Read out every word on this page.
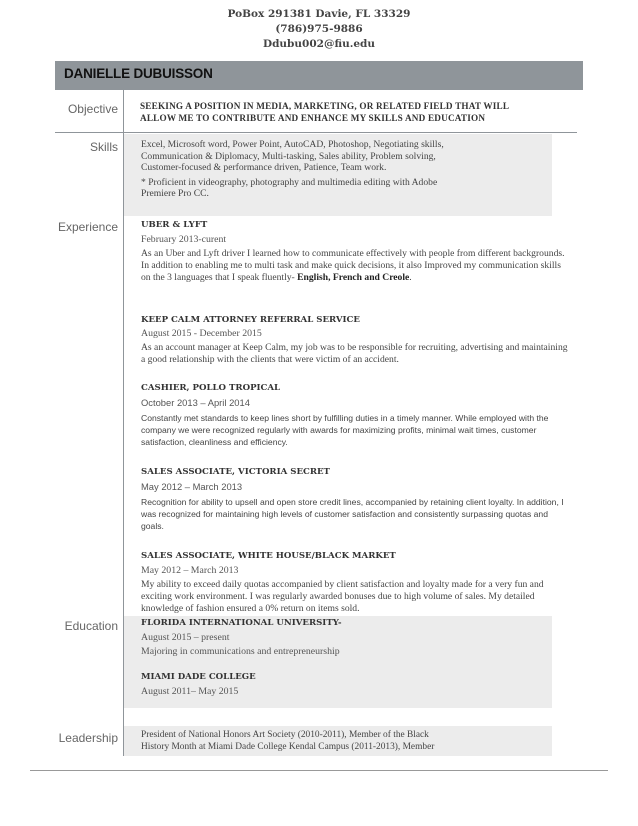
PoBox 291381 Davie, FL 33329
(786)975-9886
Ddubu002@fiu.edu
DANIELLE DUBUISSON
Objective
Skills
Experience
Education
Leadership
SEEKING A POSITION IN MEDIA, MARKETING, OR RELATED FIELD THAT WILL
ALLOW ME TO CONTRIBUTE AND ENHANCE MY SKILLS AND EDUCATION

Excel, Microsoft word, Power Point, AutoCAD, Photoshop, Negotiating skills,

Communication & Diplomacy, Multi-tasking, Sales ability, Problem solving,

Customer-focused & performance driven, Patience, Team work.

* Proficient in videography, photography and multimedia editing with Adobe

Premiere Pro CC.

UBER & LYFT
February 2013-curent
As an Uber and Lyft driver I learned how to communicate effectively with people from different backgrounds. In addition to enabling me to multi task and make quick decisions, it also Improved my communication skills on the 3 languages that I speak fluently- English, French and Creole.
KEEP CALM ATTORNEY REFERRAL SERVICE
August 2015 - December 2015
As an account manager at Keep Calm, my job was to be responsible for recruiting, advertising and maintaining a good relationship with the clients that were victim of an accident.
CASHIER, POLLO TROPICAL
October 2013 – April 2014
Constantly met standards to keep lines short by fulfilling duties in a timely manner. While employed with the company we were recognized regularly with awards for maximizing profits, minimal wait times, customer satisfaction, cleanliness and efficiency.
SALES ASSOCIATE, VICTORIA SECRET
May 2012 – March 2013
Recognition for ability to upsell and open store credit lines, accompanied by retaining client loyalty. In addition, I was recognized for maintaining high levels of customer satisfaction and consistently surpassing quotas and goals.
SALES ASSOCIATE, WHITE HOUSE/BLACK MARKET
May 2012 – March 2013
My ability to exceed daily quotas accompanied by client satisfaction and loyalty made for a very fun and exciting work environment. I was regularly awarded bonuses due to high volume of sales. My detailed knowledge of fashion ensured a 0% return on items sold.
FLORIDA INTERNATIONAL UNIVERSITY-
August 2015 – present
Majoring in communications and entrepreneurship
MIAMI DADE COLLEGE
August 2011– May 2015

President of National Honors Art Society (2010-2011), Member of the Black

History Month at Miami Dade College Kendal Campus (2011-2013), Member
